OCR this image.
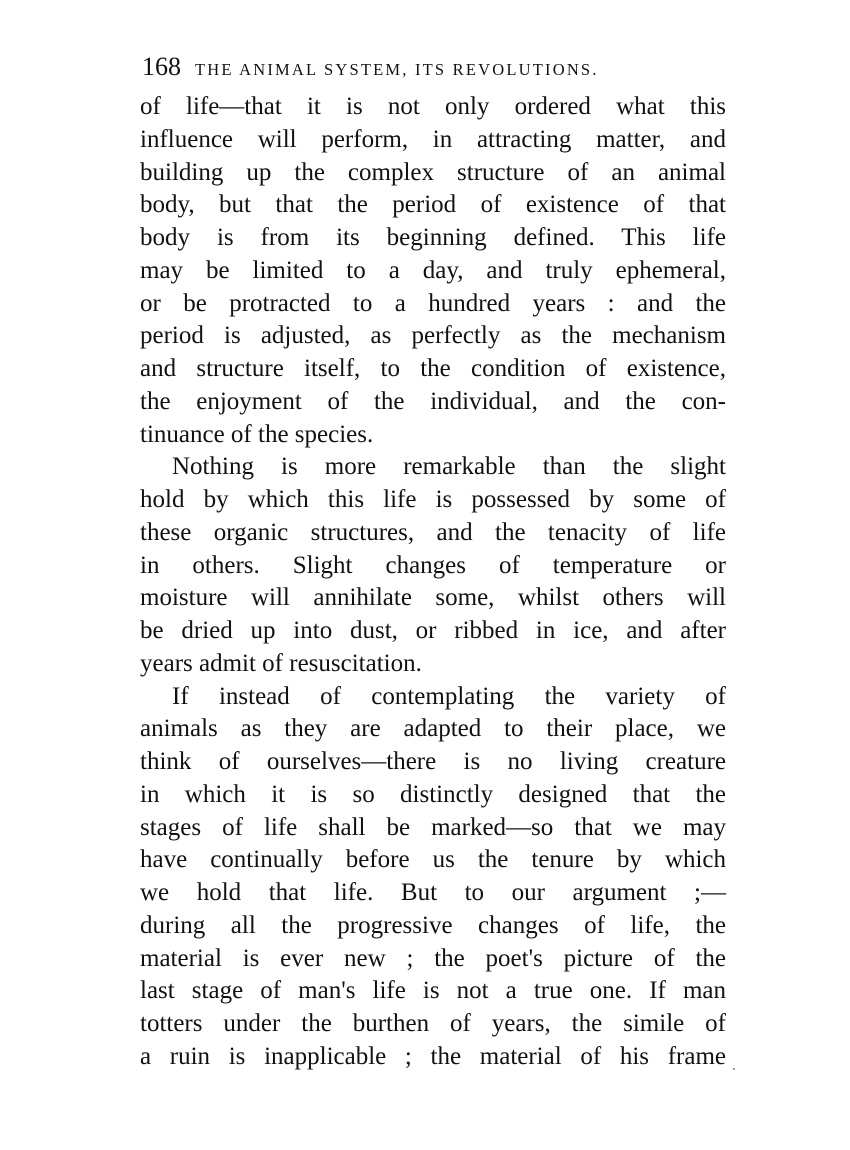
168 THE ANIMAL SYSTEM, ITS REVOLUTIONS.
of life—that it is not only ordered what this
influence will perform, in attracting matter, and
building up the complex structure of an animal
body, but that the period of existence of that
body is from its beginning defined. This life
may be limited to a day, and truly ephemeral,
or be protracted to a hundred years : and the
period is adjusted, as perfectly as the mechanism
and structure itself, to the condition of existence,
the enjoyment of the individual, and the con-
tinuance of the species.
Nothing is more remarkable than the slight
hold by which this life is possessed by some of
these organic structures, and the tenacity of life
in others. Slight changes of temperature or
moisture will annihilate some, whilst others will
be dried up into dust, or ribbed in ice, and after
years admit of resuscitation.
If instead of contemplating the variety of
animals as they are adapted to their place, we
think of ourselves—there is no living creature
in which it is so distinctly designed that the
stages of life shall be marked—so that we may
have continually before us the tenure by which
we hold that life. But to our argument ;—
during all the progressive changes of life, the
material is ever new ; the poet's picture of the
last stage of man's life is not a true one. If man
totters under the burthen of years, the simile of
a ruin is inapplicable ; the material of his frame
